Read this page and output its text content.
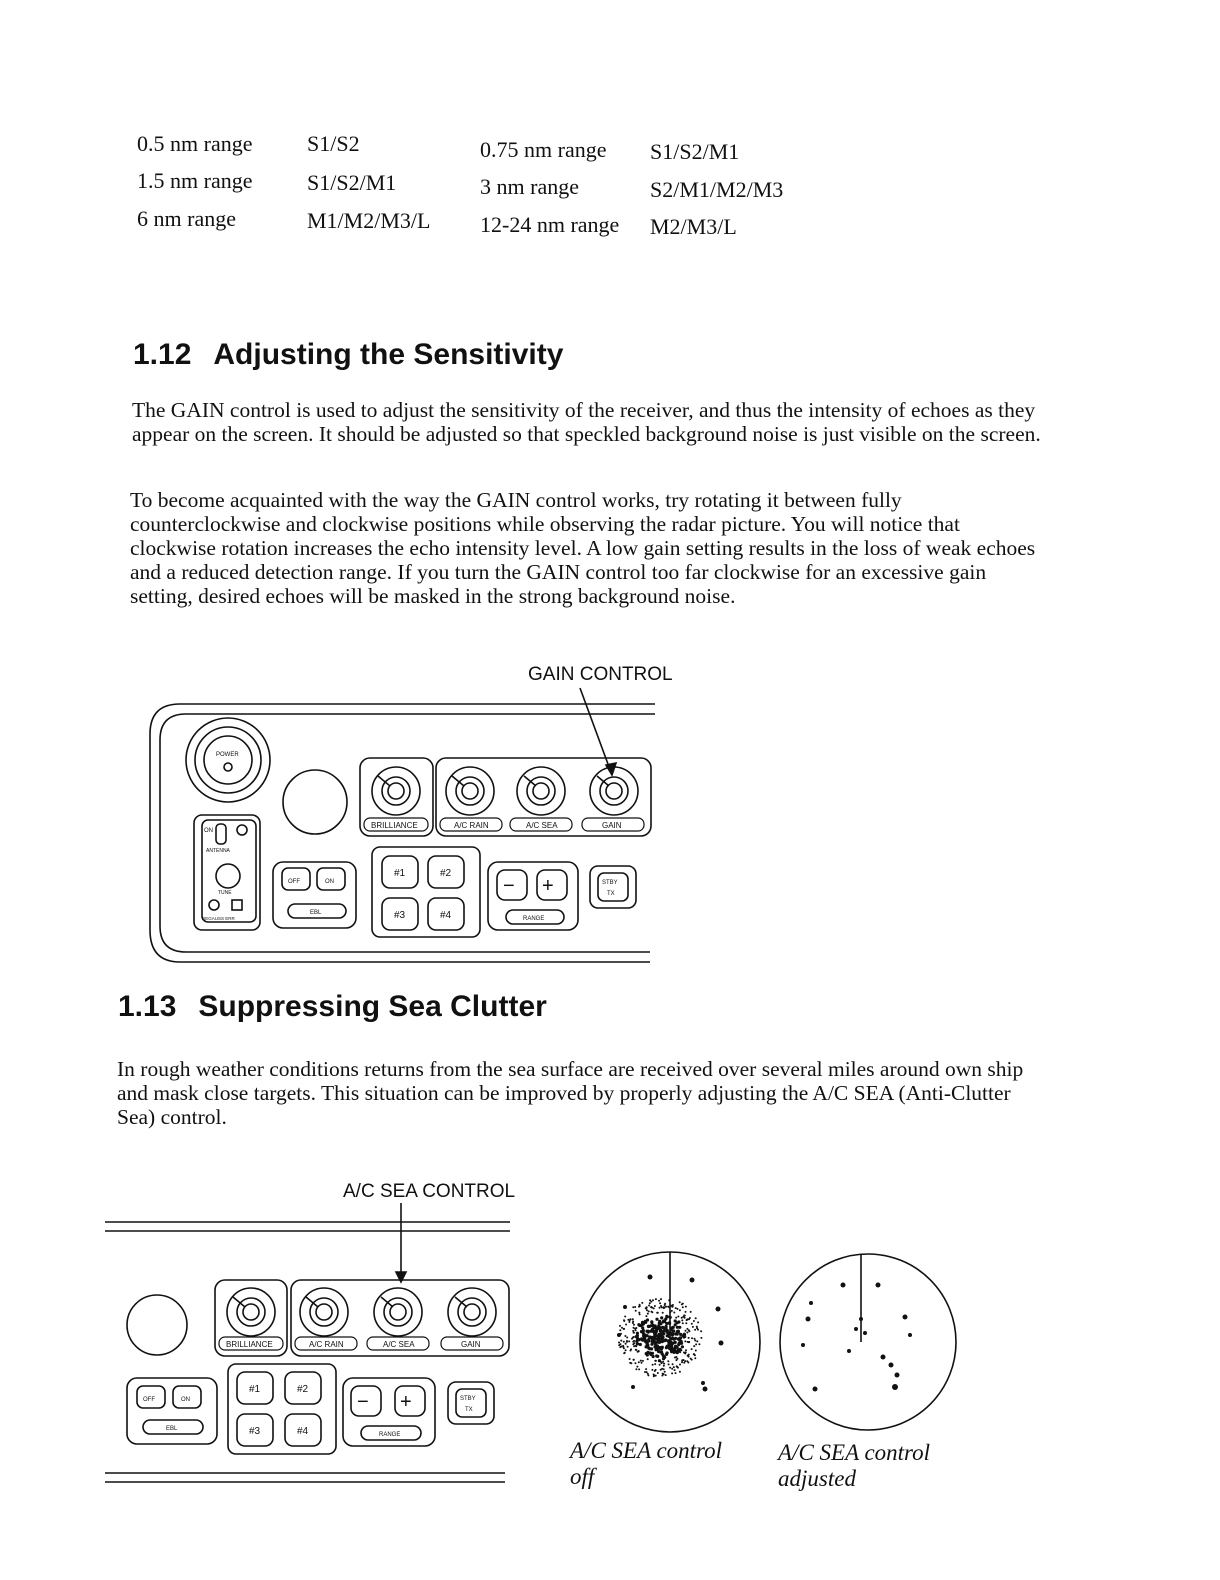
0.5 nm range S1/S2	0.75 nm range S1/S2/M1
1.5 nm range S1/S2/M1	3 nm range	S2/M1/M2/M3
6 nm range	M1/M2/M3/L 12-24 nm range M2/M3/L
1.12 Adjusting the Sensitivity

The GAIN control is used to adjust the sensitivity of the receiver, and thus the intensity of echoes as they appear on the screen. It should be adjusted so that speckled background noise is just visible on the screen.

To become acquainted with the way the GAIN control works, try rotating it between fully counterclockwise and clockwise positions while observing the radar picture. You will notice that clockwise rotation increases the echo intensity level. A low gain setting results in the loss of weak echoes and a reduced detection range. If you turn the GAIN control too far clockwise for an excessive gain setting, desired echoes will be masked in the strong background noise.

GAIN CONTROL
POWER
BRILLIANCE	A/C RAIN	A/C SEA	GAIN
ON
ANTENNA
TUNE
DEGAUSS ERR
OFF	ON
EBL
#1	#2
#3	#4
− +
RANGE
STBY
TX
1.13 Suppressing Sea Clutter

In rough weather conditions returns from the sea surface are received over several miles around own ship and mask close targets. This situation can be improved by properly adjusting the A/C SEA (Anti-Clutter Sea) control.

A/C SEA CONTROL
BRILLIANCE	A/C RAIN	A/C SEA	GAIN
OFF	ON
EBL
#1	#2
#3	#4
− +
RANGE
STBY
TX
A/C SEA control
off
A/C SEA control
adjusted
